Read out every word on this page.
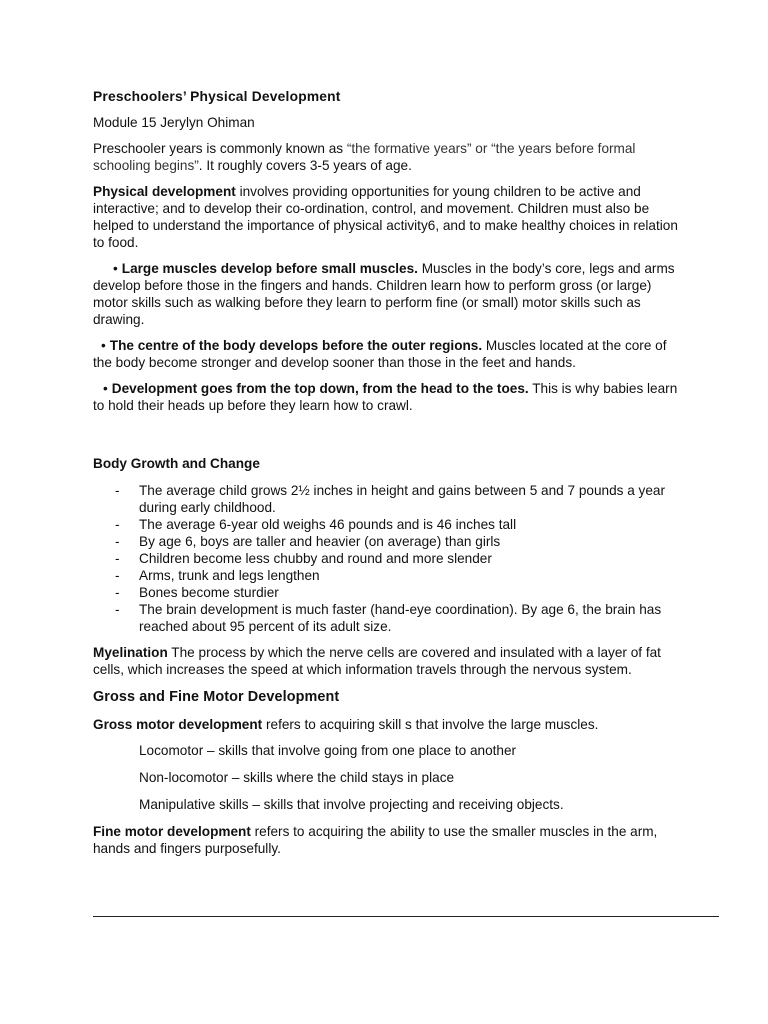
Preschoolers’ Physical Development

Module 15 Jerylyn Ohiman

Preschooler years is commonly known as “the formative years” or “the years before formal schooling begins”. It roughly covers 3-5 years of age.

Physical development involves providing opportunities for young children to be active and interactive; and to develop their co-ordination, control, and movement. Children must also be helped to understand the importance of physical activity6, and to make healthy choices in relation to food.

• Large muscles develop before small muscles. Muscles in the body’s core, legs and arms develop before those in the fingers and hands. Children learn how to perform gross (or large) motor skills such as walking before they learn to perform fine (or small) motor skills such as drawing.

• The centre of the body develops before the outer regions. Muscles located at the core of the body become stronger and develop sooner than those in the feet and hands.

• Development goes from the top down, from the head to the toes. This is why babies learn to hold their heads up before they learn how to crawl.

Body Growth and Change
- The average child grows 2½ inches in height and gains between 5 and 7 pounds a year during early childhood.
- The average 6-year old weighs 46 pounds and is 46 inches tall
- By age 6, boys are taller and heavier (on average) than girls
- Children become less chubby and round and more slender
- Arms, trunk and legs lengthen
- Bones become sturdier
- The brain development is much faster (hand-eye coordination). By age 6, the brain has reached about 95 percent of its adult size.

Myelination The process by which the nerve cells are covered and insulated with a layer of fat cells, which increases the speed at which information travels through the nervous system.

Gross and Fine Motor Development

Gross motor development refers to acquiring skill s that involve the large muscles.

Locomotor – skills that involve going from one place to another

Non-locomotor – skills where the child stays in place

Manipulative skills – skills that involve projecting and receiving objects.

Fine motor development refers to acquiring the ability to use the smaller muscles in the arm, hands and fingers purposefully.
